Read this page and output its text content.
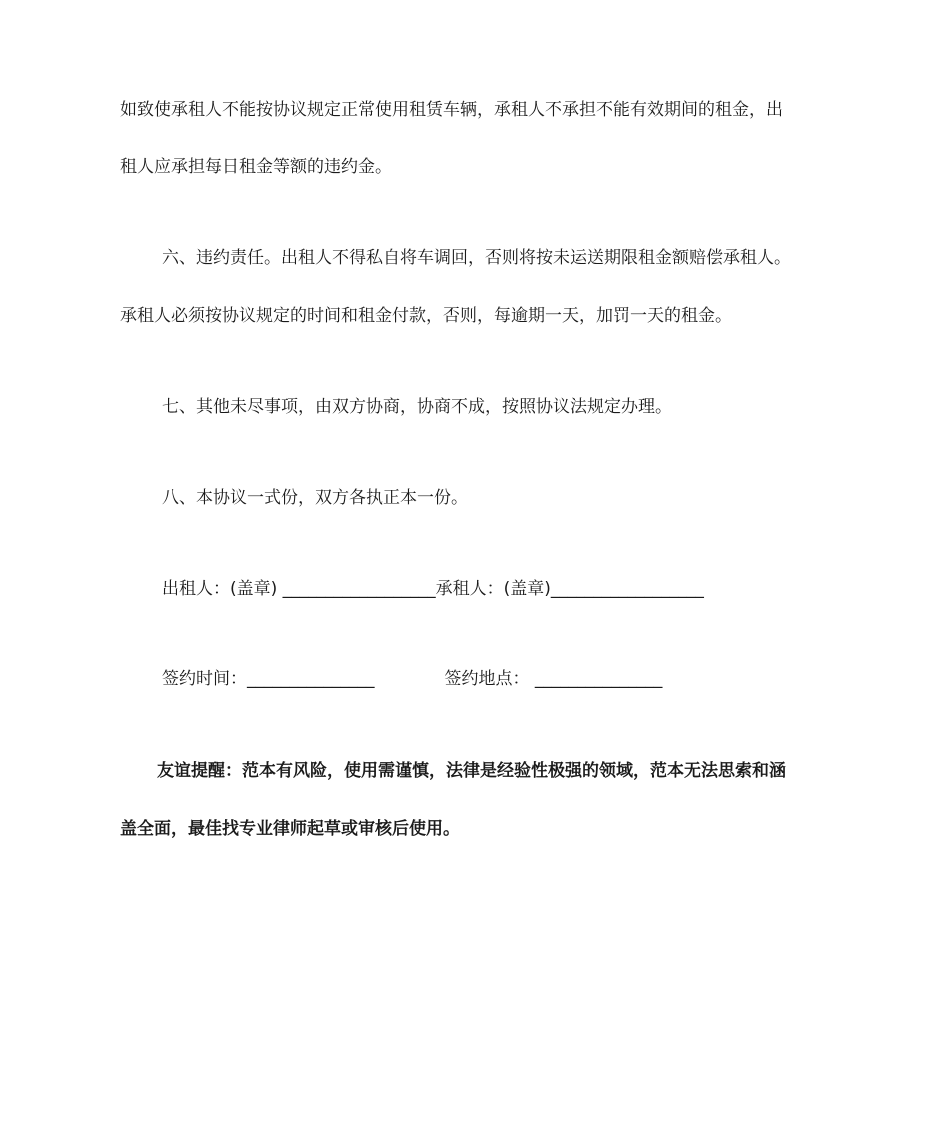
如致使承租人不能按协议规定正常使用租赁车辆，承租人不承担不能有效期间的租金，出
租人应承担每日租金等额的违约金。
六、违约责任。出租人不得私自将车调回，否则将按未运送期限租金额赔偿承租人。
承租人必须按协议规定的时间和租金付款，否则，每逾期一天，加罚一天的租金。
七、其他未尽事项，由双方协商，协商不成，按照协议法规定办理。
八、本协议一式份，双方各执正本一份。
出租人：(盖章) __________________承租人：(盖章)__________________
签约时间：_______________	签约地点： _______________
友谊提醒：范本有风险，使用需谨慎，法律是经验性极强的领域，范本无法思索和涵
盖全面，最佳找专业律师起草或审核后使用。
